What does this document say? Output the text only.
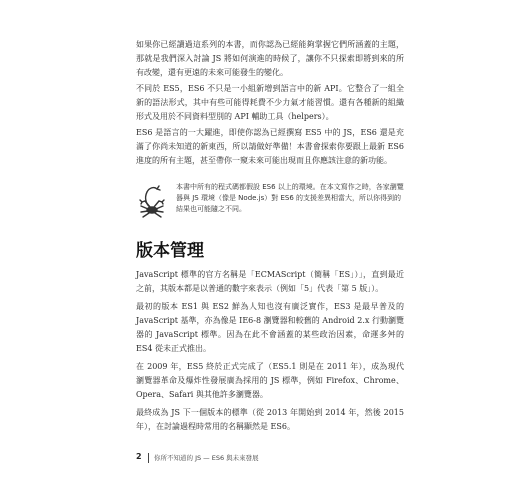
如果你已經讀過這系列的本書，而你認為已經能夠掌握它們所涵蓋的主題，那就是我們深入討論 JS 將如何演進的時候了，讓你不只探索即將到來的所有改變，還有更遠的未來可能發生的變化。

不同於 ES5，ES6 不只是一小組新增到語言中的新 API。它整合了一組全新的語法形式，其中有些可能得耗費不少力氣才能習慣。還有各種新的組織形式及用於不同資料型別的 API 輔助工具（helpers）。

ES6 是語言的一大躍進，即使你認為已經撰寫 ES5 中的 JS，ES6 還是充滿了你尚未知道的新東西，所以請做好準備！本書會探索你要跟上最新 ES6 進度的所有主題，甚至帶你一窺未來可能出現而且你應該注意的新功能。

本書中所有的程式碼都假設 ES6 以上的環境。在本文寫作之時，各家瀏覽器與 JS 環境（像是 Node.js）對 ES6 的支援差異相當大，所以你得到的結果也可能隨之不同。

版本管理

JavaScript 標準的官方名稱是「ECMAScript（簡稱「ES」）」，直到最近之前，其版本都是以普通的數字來表示（例如「5」代表「第 5 版」）。

最初的版本 ES1 與 ES2 鮮為人知也沒有廣泛實作，ES3 是最早普及的 JavaScript 基準，亦為像是 IE6-8 瀏覽器和較舊的 Android 2.x 行動瀏覽器的 JavaScript 標準。因為在此不會涵蓋的某些政治因素，命運多舛的 ES4 從未正式推出。

在 2009 年，ES5 終於正式完成了（ES5.1 則是在 2011 年），成為現代瀏覽器革命及爆炸性發展廣為採用的 JS 標準，例如 Firefox、Chrome、Opera、Safari 與其他許多瀏覽器。

最終成為 JS 下一個版本的標準（從 2013 年開始到 2014 年，然後 2015 年），在討論過程時常用的名稱顯然是 ES6。

2 你所不知道的 JS — ES6 與未來發展
